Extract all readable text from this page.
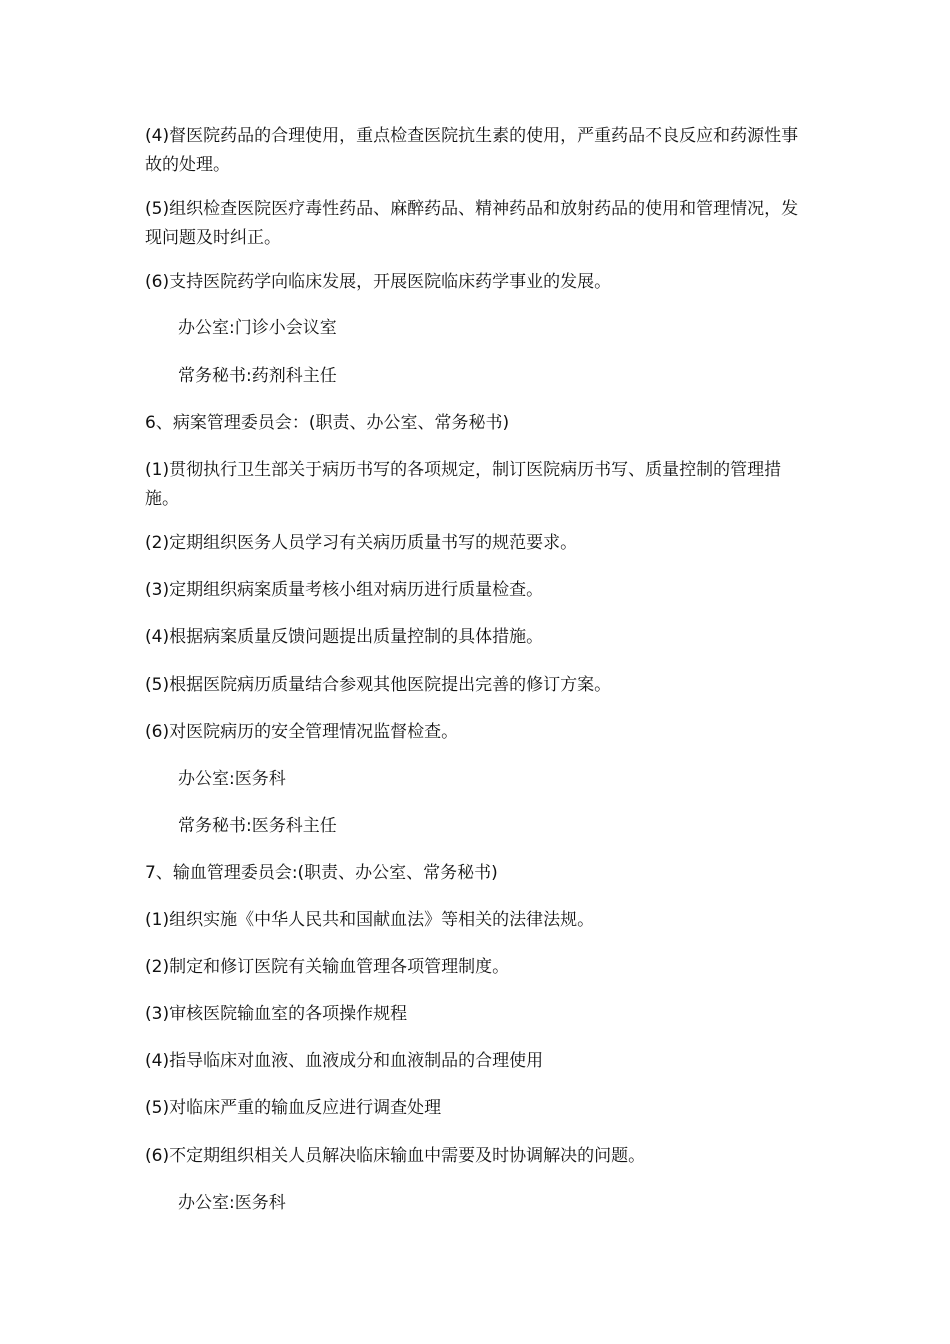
(4)督医院药品的合理使用，重点检查医院抗生素的使用，严重药品不良反应和药源性事故的处理。

(5)组织检查医院医疗毒性药品、麻醉药品、精神药品和放射药品的使用和管理情况，发现问题及时纠正。

(6)支持医院药学向临床发展，开展医院临床药学事业的发展。

办公室:门诊小会议室

常务秘书:药剂科主任

6、病案管理委员会：(职责、办公室、常务秘书)

(1)贯彻执行卫生部关于病历书写的各项规定，制订医院病历书写、质量控制的管理措施。

(2)定期组织医务人员学习有关病历质量书写的规范要求。

(3)定期组织病案质量考核小组对病历进行质量检查。

(4)根据病案质量反馈问题提出质量控制的具体措施。

(5)根据医院病历质量结合参观其他医院提出完善的修订方案。

(6)对医院病历的安全管理情况监督检查。

办公室:医务科

常务秘书:医务科主任

7、输血管理委员会:(职责、办公室、常务秘书)

(1)组织实施《中华人民共和国献血法》等相关的法律法规。

(2)制定和修订医院有关输血管理各项管理制度。

(3)审核医院输血室的各项操作规程

(4)指导临床对血液、血液成分和血液制品的合理使用

(5)对临床严重的输血反应进行调查处理

(6)不定期组织相关人员解决临床输血中需要及时协调解决的问题。

办公室:医务科
